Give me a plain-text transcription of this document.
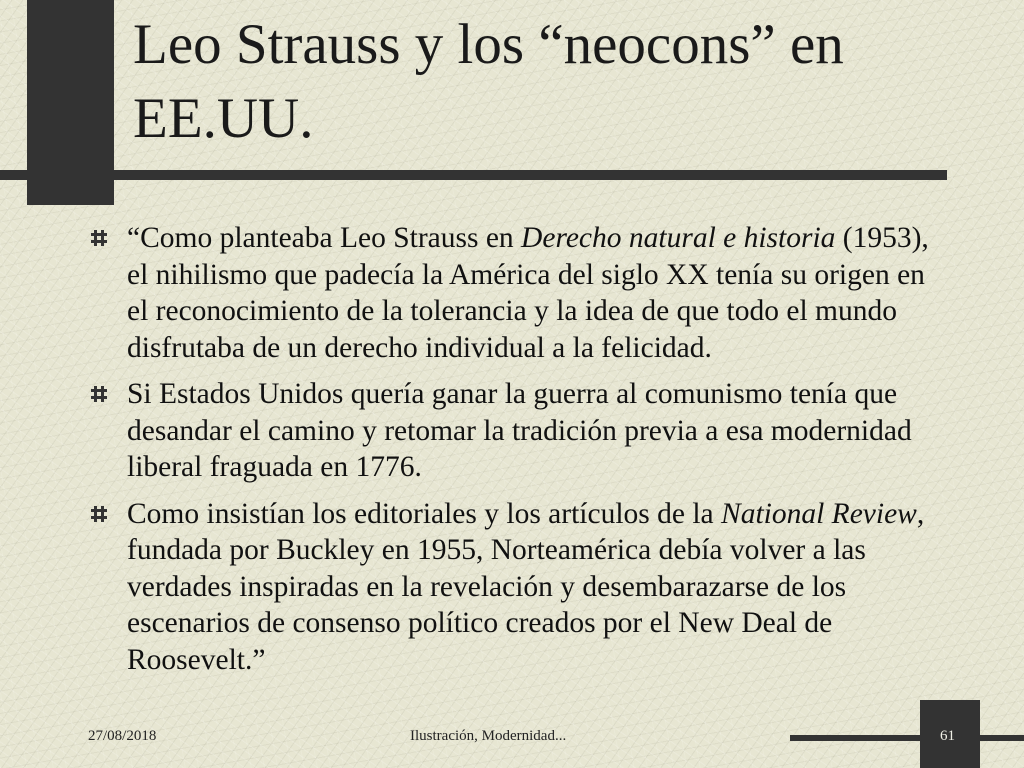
Leo Strauss y los “neocons” en EE.UU.
“Como planteaba Leo Strauss en Derecho natural e historia (1953), el nihilismo que padecía la América del siglo XX tenía su origen en el reconocimiento de la tolerancia y la idea de que todo el mundo disfrutaba de un derecho individual a la felicidad.
Si Estados Unidos quería ganar la guerra al comunismo tenía que desandar el camino y retomar la tradición previa a esa modernidad liberal fraguada en 1776.
Como insistían los editoriales y los artículos de la National Review, fundada por Buckley en 1955, Norteamérica debía volver a las verdades inspiradas en la revelación y desembarazarse de los escenarios de consenso político creados por el New Deal de Roosevelt.”
27/08/2018	Ilustración, Modernidad...	61
